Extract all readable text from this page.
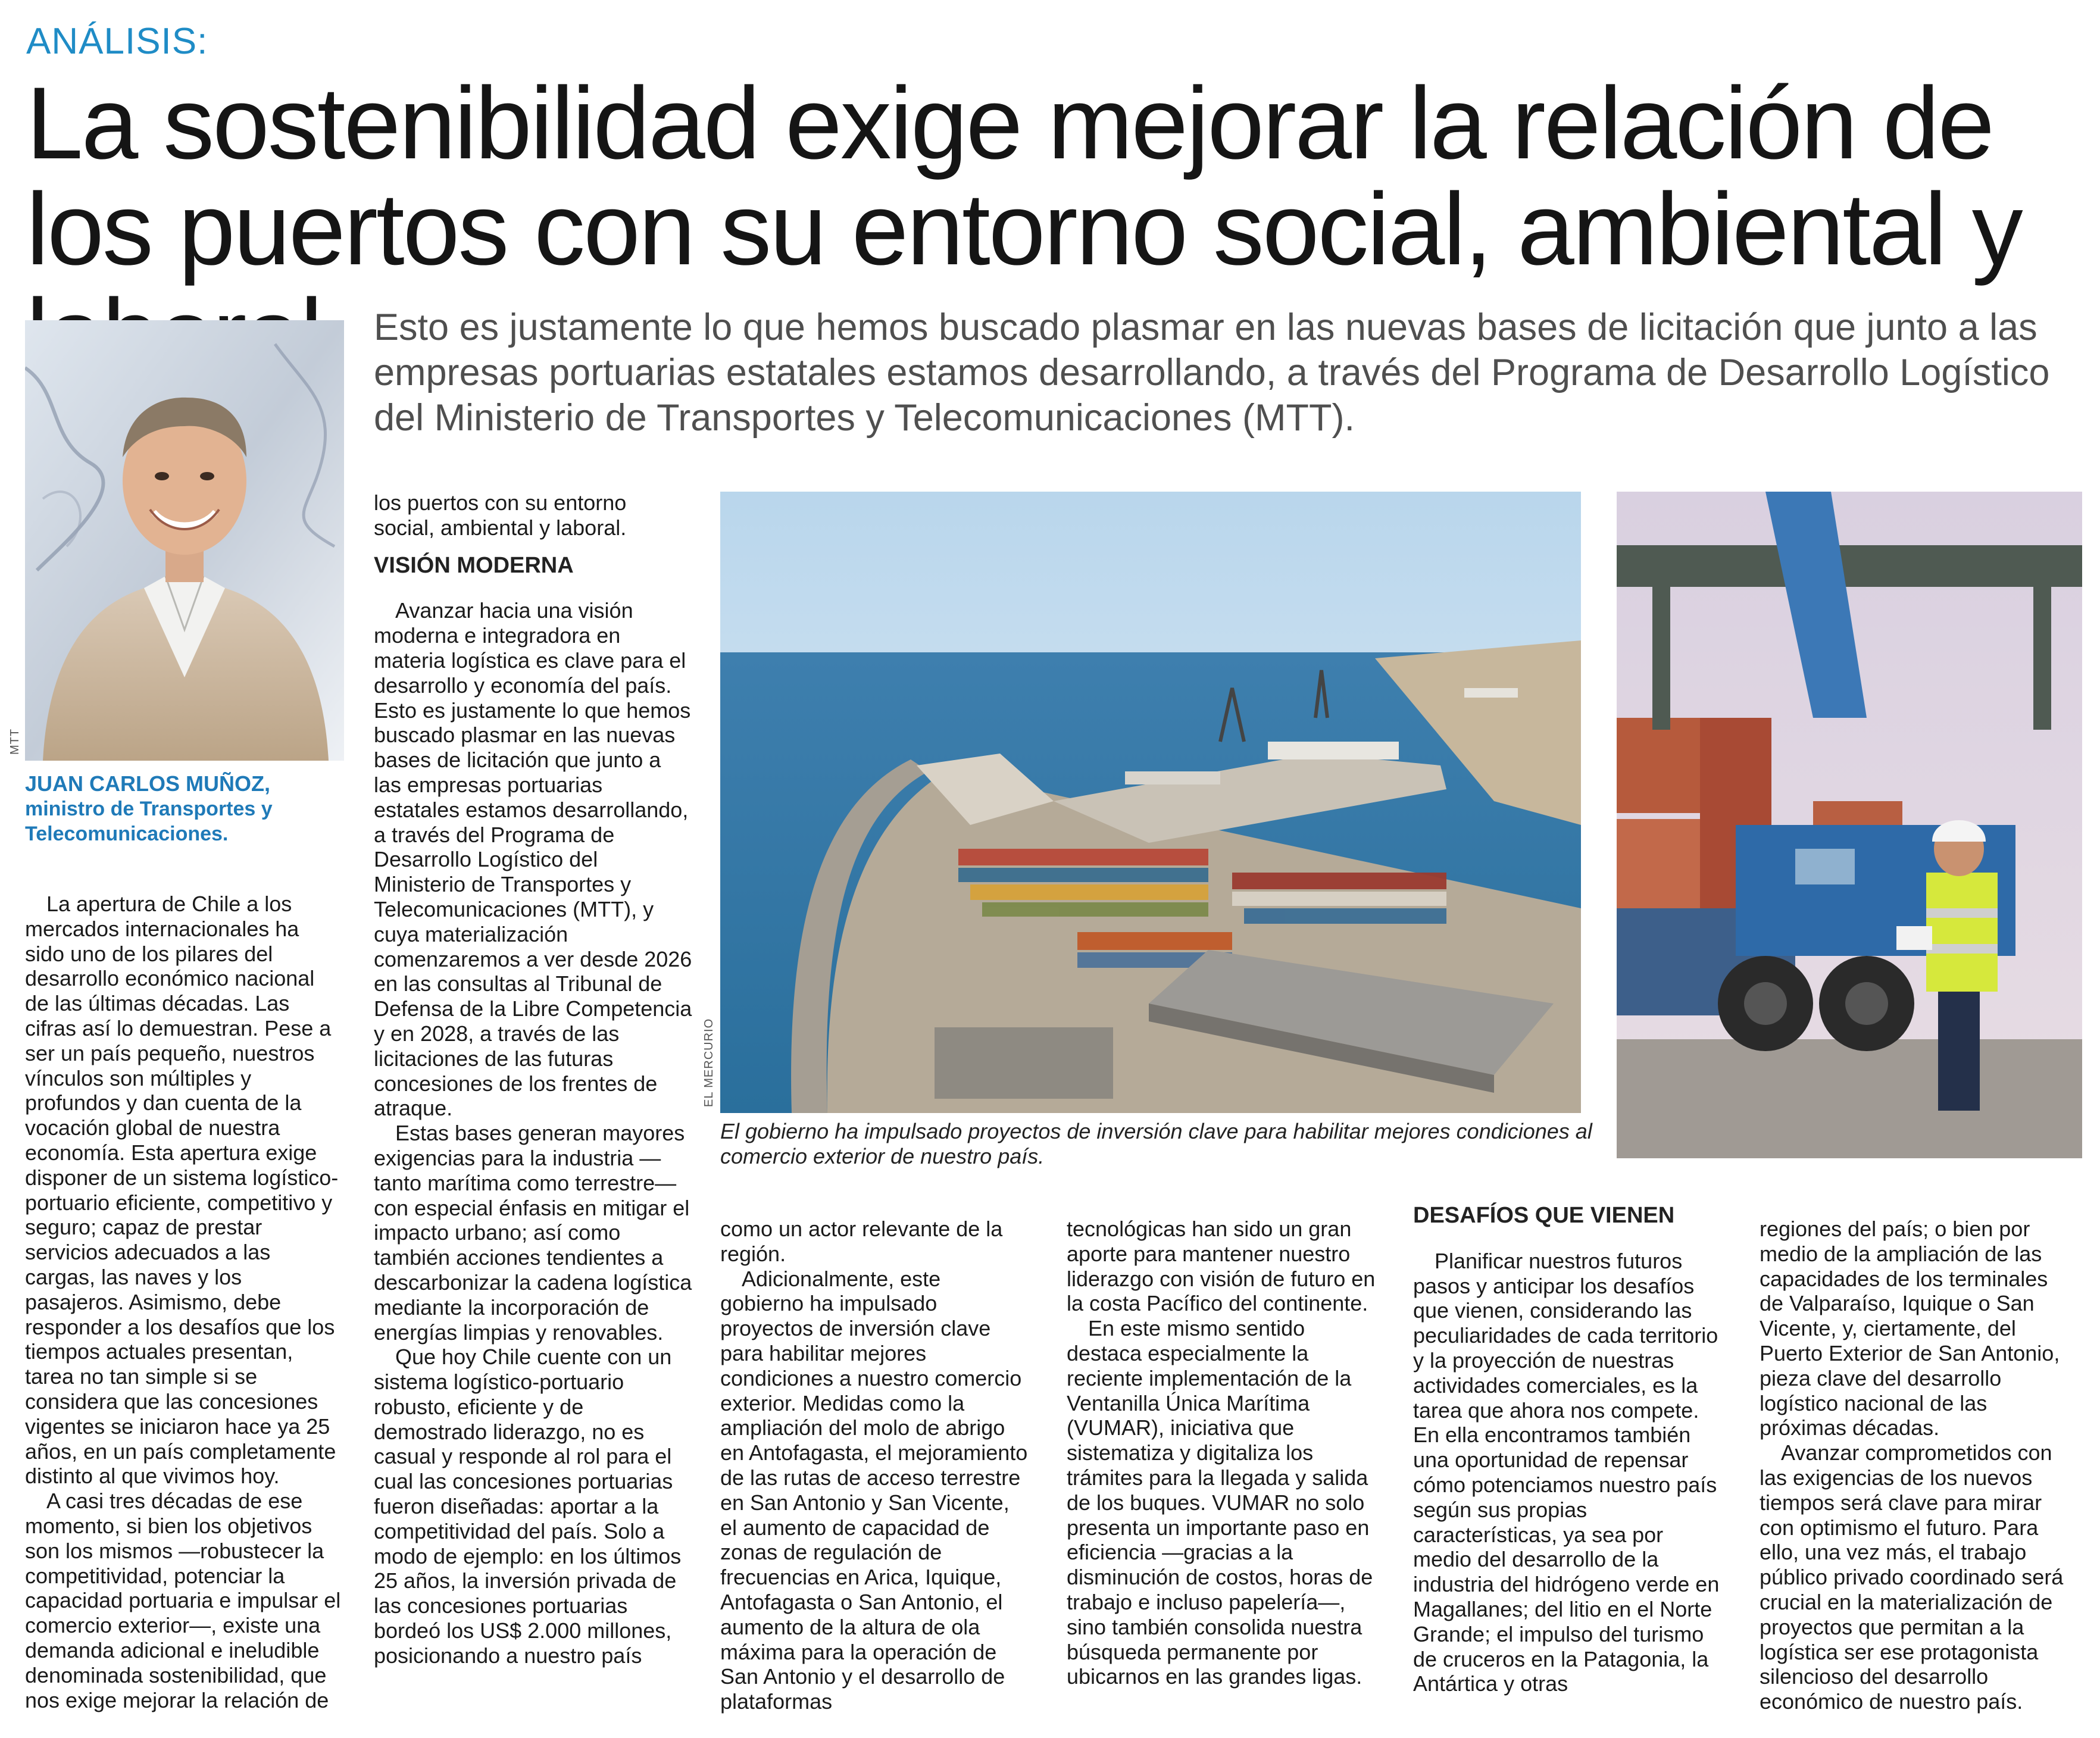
ANÁLISIS:
La sostenibilidad exige mejorar la relación de los puertos con su entorno social, ambiental y
MTT

JUAN CARLOS MUÑOZ,

ministro de Transportes y Telecomunicaciones.

Esto es justamente lo que hemos buscado plasmar en las nuevas bases de licitación que junto a las empresas portuarias estatales estamos desarrollando, a través del Programa de Desarrollo Logístico del Ministerio de Transportes y Telecomunicaciones (MTT).

EL MERCURIO

El gobierno ha impulsado proyectos de inversión clave para habilitar mejores condiciones al comercio exterior de nuestro país.

La apertura de Chile a los mercados internacionales ha sido uno de los pilares del desarrollo económico nacional de las últimas décadas. Las cifras así lo demuestran. Pese a ser un país pequeño, nuestros vínculos son múltiples y profundos y dan cuenta de la vocación global de nuestra economía. Esta apertura exige disponer de un sistema logístico-portuario eficiente, competitivo y seguro; capaz de prestar servicios adecuados a las cargas, las naves y los pasajeros. Asimismo, debe responder a los desafíos que los tiempos actuales presentan, tarea no tan simple si se considera que las concesiones vigentes se iniciaron hace ya 25 años, en un país completamente distinto al que vivimos hoy.

A casi tres décadas de ese momento, si bien los objetivos son los mismos —robustecer la competitividad, potenciar la capacidad portuaria e impulsar el comercio exterior—, existe una demanda adicional e ineludible denominada sostenibilidad, que nos exige mejorar la relación de

los puertos con su entorno social, ambiental y laboral.

VISIÓN MODERNA

Avanzar hacia una visión moderna e integradora en materia logística es clave para el desarrollo y economía del país. Esto es justamente lo que hemos buscado plasmar en las nuevas bases de licitación que junto a las empresas portuarias estatales estamos desarrollando, a través del Programa de Desarrollo Logístico del Ministerio de Transportes y Telecomunicaciones (MTT), y cuya materialización comenzaremos a ver desde 2026 en las consultas al Tribunal de Defensa de la Libre Competencia y en 2028, a través de las licitaciones de las futuras concesiones de los frentes de atraque.

Estas bases generan mayores exigencias para la industria —tanto marítima como terrestre— con especial énfasis en mitigar el impacto urbano; así como también acciones tendientes a descarbonizar la cadena logística mediante la incorporación de energías limpias y renovables.

Que hoy Chile cuente con un sistema logístico-portuario robusto, eficiente y de demostrado liderazgo, no es casual y responde al rol para el cual las concesiones portuarias fueron diseñadas: aportar a la competitividad del país. Solo a modo de ejemplo: en los últimos 25 años, la inversión privada de las concesiones portuarias bordeó los US$ 2.000 millones, posicionando a nuestro país

como un actor relevante de la región.

Adicionalmente, este gobierno ha impulsado proyectos de inversión clave para habilitar mejores condiciones a nuestro comercio exterior. Medidas como la ampliación del molo de abrigo en Antofagasta, el mejoramiento de las rutas de acceso terrestre en San Antonio y San Vicente, el aumento de capacidad de zonas de regulación de frecuencias en Arica, Iquique, Antofagasta o San Antonio, el aumento de la altura de ola máxima para la operación de San Antonio y el desarrollo de plataformas

tecnológicas han sido un gran aporte para mantener nuestro liderazgo con visión de futuro en la costa Pacífico del continente.

En este mismo sentido destaca especialmente la reciente implementación de la Ventanilla Única Marítima (VUMAR), iniciativa que sistematiza y digitaliza los trámites para la llegada y salida de los buques. VUMAR no solo presenta un importante paso en eficiencia —gracias a la disminución de costos, horas de trabajo e incluso papelería—, sino también consolida nuestra búsqueda permanente por ubicarnos en las grandes ligas.

DESAFÍOS QUE VIENEN

Planificar nuestros futuros pasos y anticipar los desafíos que vienen, considerando las peculiaridades de cada territorio y la proyección de nuestras actividades comerciales, es la tarea que ahora nos compete. En ella encontramos también una oportunidad de repensar cómo potenciamos nuestro país según sus propias características, ya sea por medio del desarrollo de la industria del hidrógeno verde en Magallanes; del litio en el Norte Grande; el impulso del turismo de cruceros en la Patagonia, la Antártica y otras

regiones del país; o bien por medio de la ampliación de las capacidades de los terminales de Valparaíso, Iquique o San Vicente, y, ciertamente, del Puerto Exterior de San Antonio, pieza clave del desarrollo logístico nacional de las próximas décadas.

Avanzar comprometidos con las exigencias de los nuevos tiempos será clave para mirar con optimismo el futuro. Para ello, una vez más, el trabajo público privado coordinado será crucial en la materialización de proyectos que permitan a la logística ser ese protagonista silencioso del desarrollo económico de nuestro país.
